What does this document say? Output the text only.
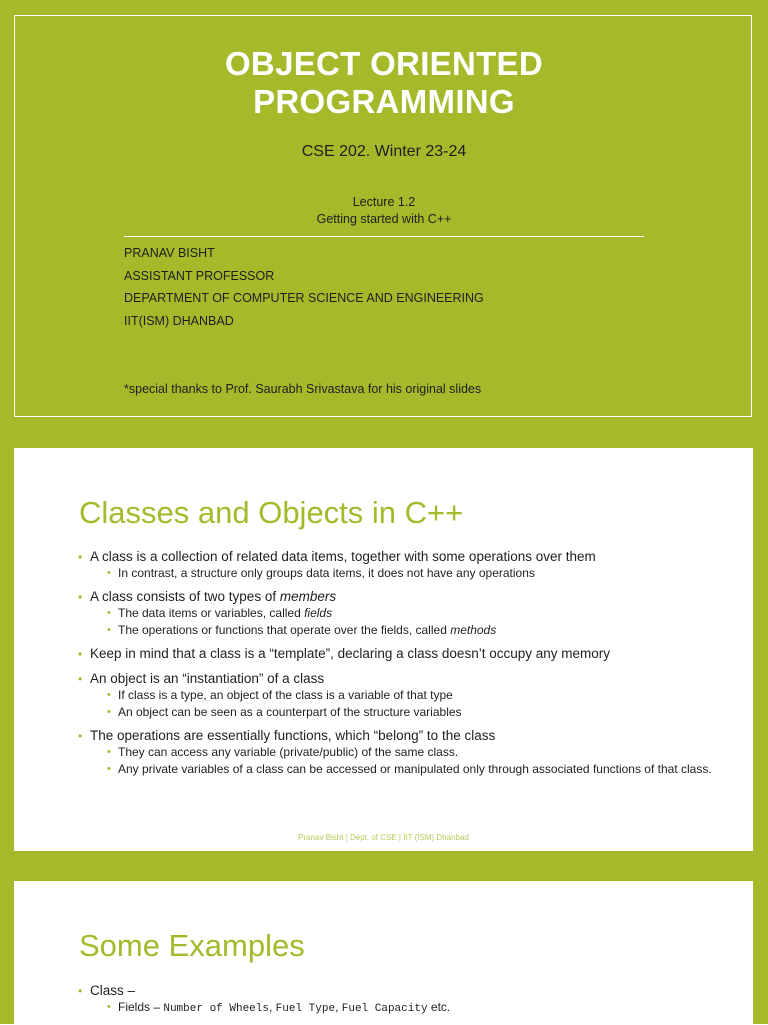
OBJECT ORIENTED
PROGRAMMING
CSE 202. Winter 23-24
Lecture 1.2
Getting started with C++
PRANAV BISHT
ASSISTANT PROFESSOR
DEPARTMENT OF COMPUTER SCIENCE AND ENGINEERING
IIT(ISM) DHANBAD
*special thanks to Prof. Saurabh Srivastava for his original slides
Classes and Objects in C++
• A class is a collection of related data items, together with some operations over them
• In contrast, a structure only groups data items, it does not have any operations
• A class consists of two types of members
• The data items or variables, called fields
• The operations or functions that operate over the fields, called methods
• Keep in mind that a class is a “template”, declaring a class doesn’t occupy any memory
• An object is an “instantiation” of a class
• If class is a type, an object of the class is a variable of that type
• An object can be seen as a counterpart of the structure variables
• The operations are essentially functions, which “belong” to the class
• They can access any variable (private/public) of the same class.
• Any private variables of a class can be accessed or manipulated only through associated functions of that class.
Pranav Bisht | Dept. of CSE | IIT (ISM) Dhanbad
Some Examples
• Class –
• Fields – Number of Wheels, Fuel Type, Fuel Capacity etc.
